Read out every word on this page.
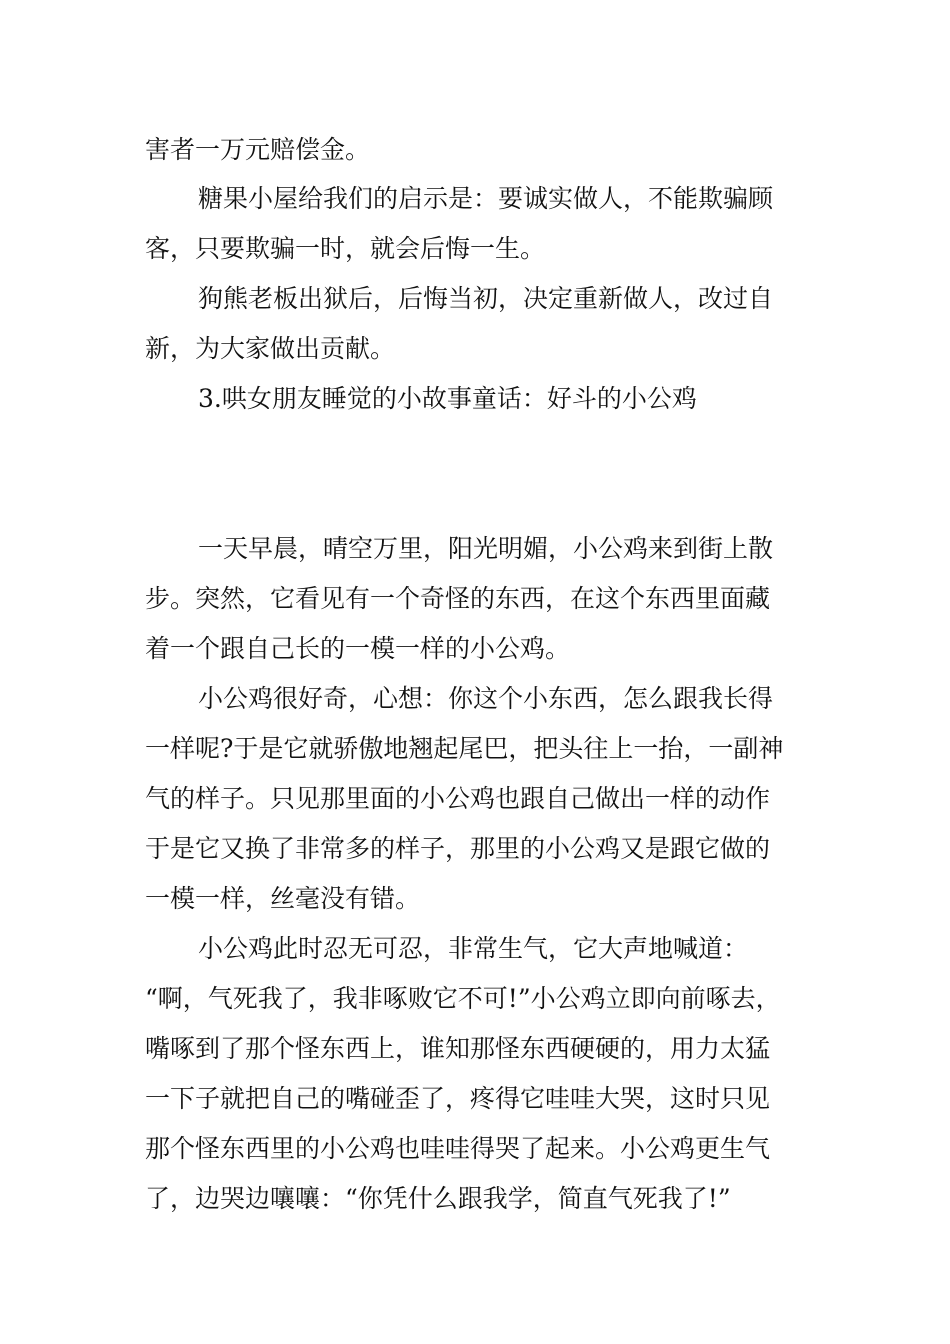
害者一万元赔偿金。
糖果小屋给我们的启示是：要诚实做人，不能欺骗顾
客，只要欺骗一时，就会后悔一生。
狗熊老板出狱后，后悔当初，决定重新做人，改过自
新，为大家做出贡献。
3.哄女朋友睡觉的小故事童话：好斗的小公鸡
一天早晨，晴空万里，阳光明媚，小公鸡来到街上散
步。突然，它看见有一个奇怪的东西，在这个东西里面藏
着一个跟自己长的一模一样的小公鸡。
小公鸡很好奇，心想：你这个小东西，怎么跟我长得
一样呢?于是它就骄傲地翘起尾巴，把头往上一抬，一副神
气的样子。只见那里面的小公鸡也跟自己做出一样的动作
于是它又换了非常多的样子，那里的小公鸡又是跟它做的
一模一样，丝毫没有错。
小公鸡此时忍无可忍，非常生气，它大声地喊道：
“啊，气死我了，我非啄败它不可!”小公鸡立即向前啄去，
嘴啄到了那个怪东西上，谁知那怪东西硬硬的，用力太猛
一下子就把自己的嘴碰歪了，疼得它哇哇大哭，这时只见
那个怪东西里的小公鸡也哇哇得哭了起来。小公鸡更生气
了，边哭边嚷嚷：“你凭什么跟我学，简直气死我了!”
